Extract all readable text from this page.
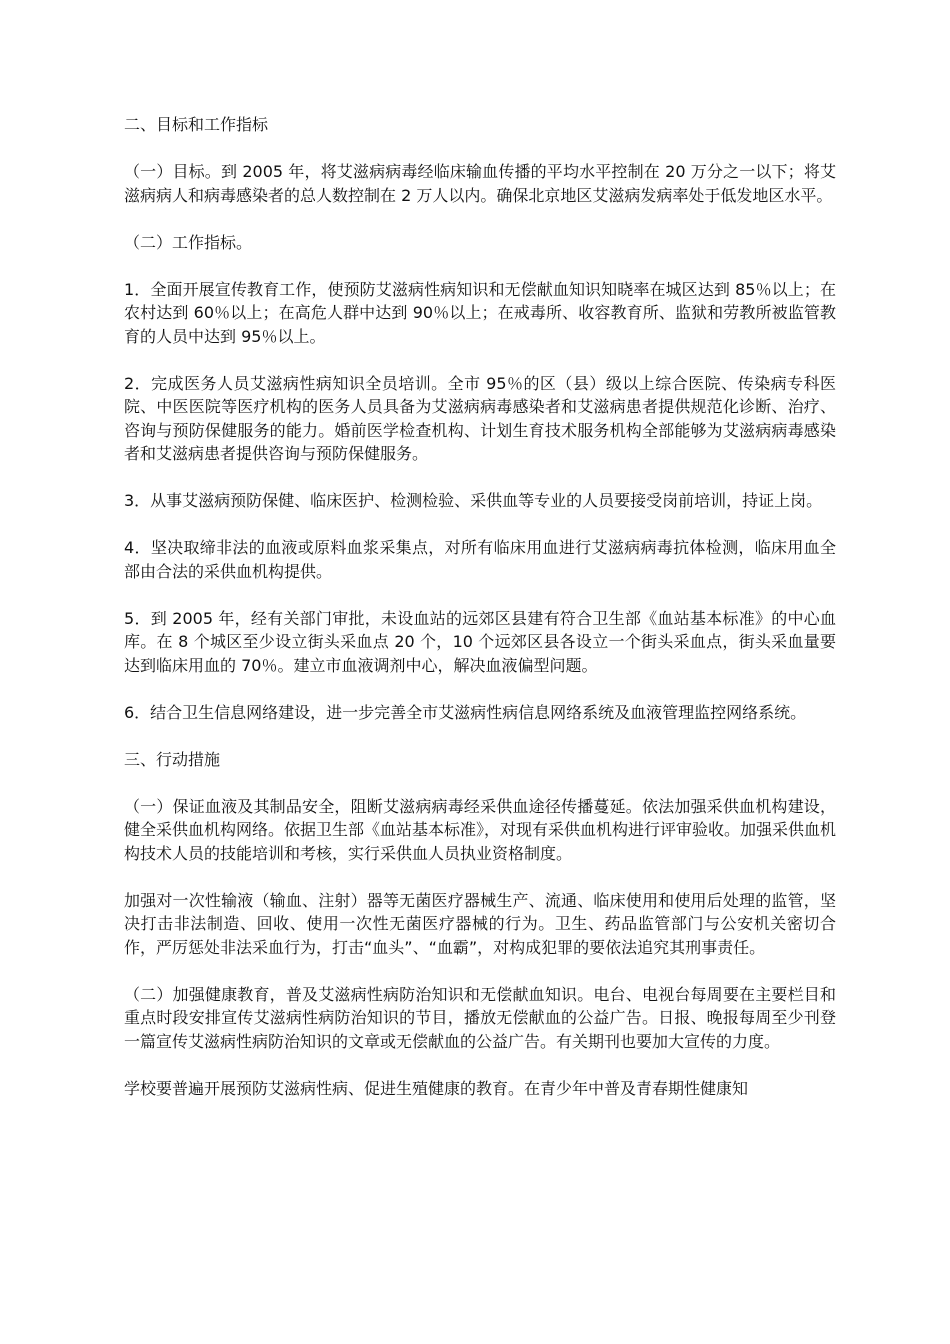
二、目标和工作指标

（一）目标。到 2005 年，将艾滋病病毒经临床输血传播的平均水平控制在 20 万分之一以下；将艾滋病病人和病毒感染者的总人数控制在 2 万人以内。确保北京地区艾滋病发病率处于低发地区水平。

（二）工作指标。

1．全面开展宣传教育工作，使预防艾滋病性病知识和无偿献血知识知晓率在城区达到 85％以上；在农村达到 60％以上；在高危人群中达到 90％以上；在戒毒所、收容教育所、监狱和劳教所被监管教育的人员中达到 95％以上。

2．完成医务人员艾滋病性病知识全员培训。全市 95％的区（县）级以上综合医院、传染病专科医院、中医医院等医疗机构的医务人员具备为艾滋病病毒感染者和艾滋病患者提供规范化诊断、治疗、咨询与预防保健服务的能力。婚前医学检查机构、计划生育技术服务机构全部能够为艾滋病病毒感染者和艾滋病患者提供咨询与预防保健服务。

3．从事艾滋病预防保健、临床医护、检测检验、采供血等专业的人员要接受岗前培训，持证上岗。

4．坚决取缔非法的血液或原料血浆采集点，对所有临床用血进行艾滋病病毒抗体检测，临床用血全部由合法的采供血机构提供。

5．到 2005 年，经有关部门审批，未设血站的远郊区县建有符合卫生部《血站基本标准》的中心血库。在 8 个城区至少设立街头采血点 20 个，10 个远郊区县各设立一个街头采血点，街头采血量要达到临床用血的 70％。建立市血液调剂中心，解决血液偏型问题。

6．结合卫生信息网络建设，进一步完善全市艾滋病性病信息网络系统及血液管理监控网络系统。

三、行动措施

（一）保证血液及其制品安全，阻断艾滋病病毒经采供血途径传播蔓延。依法加强采供血机构建设，健全采供血机构网络。依据卫生部《血站基本标准》，对现有采供血机构进行评审验收。加强采供血机构技术人员的技能培训和考核，实行采供血人员执业资格制度。

加强对一次性输液（输血、注射）器等无菌医疗器械生产、流通、临床使用和使用后处理的监管，坚决打击非法制造、回收、使用一次性无菌医疗器械的行为。卫生、药品监管部门与公安机关密切合作，严厉惩处非法采血行为，打击“血头”、“血霸”，对构成犯罪的要依法追究其刑事责任。

（二）加强健康教育，普及艾滋病性病防治知识和无偿献血知识。电台、电视台每周要在主要栏目和重点时段安排宣传艾滋病性病防治知识的节目，播放无偿献血的公益广告。日报、晚报每周至少刊登一篇宣传艾滋病性病防治知识的文章或无偿献血的公益广告。有关期刊也要加大宣传的力度。

学校要普遍开展预防艾滋病性病、促进生殖健康的教育。在青少年中普及青春期性健康知
